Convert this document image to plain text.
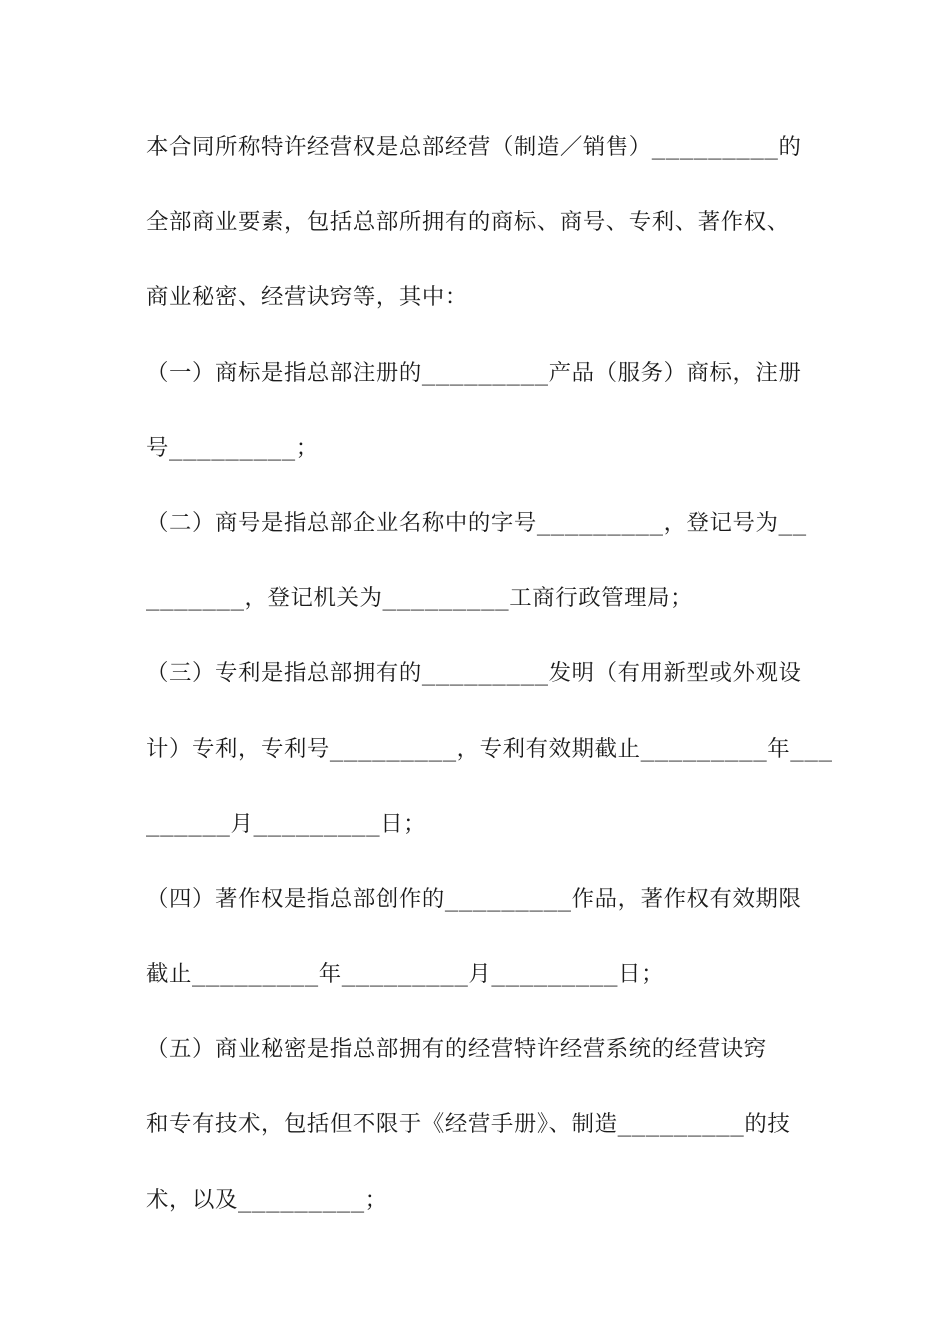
本合同所称特许经营权是总部经营（制造／销售）_________的
全部商业要素，包括总部所拥有的商标、商号、专利、著作权、
商业秘密、经营诀窍等，其中：
（一）商标是指总部注册的_________产品（服务）商标，注册
号_________；
（二）商号是指总部企业名称中的字号_________，登记号为__
_______，登记机关为_________工商行政管理局；
（三）专利是指总部拥有的_________发明（有用新型或外观设
计）专利，专利号_________，专利有效期截止_________年___
______月_________日；
（四）著作权是指总部创作的_________作品，著作权有效期限
截止_________年_________月_________日；
（五）商业秘密是指总部拥有的经营特许经营系统的经营诀窍
和专有技术，包括但不限于《经营手册》、制造_________的技
术，以及_________；
